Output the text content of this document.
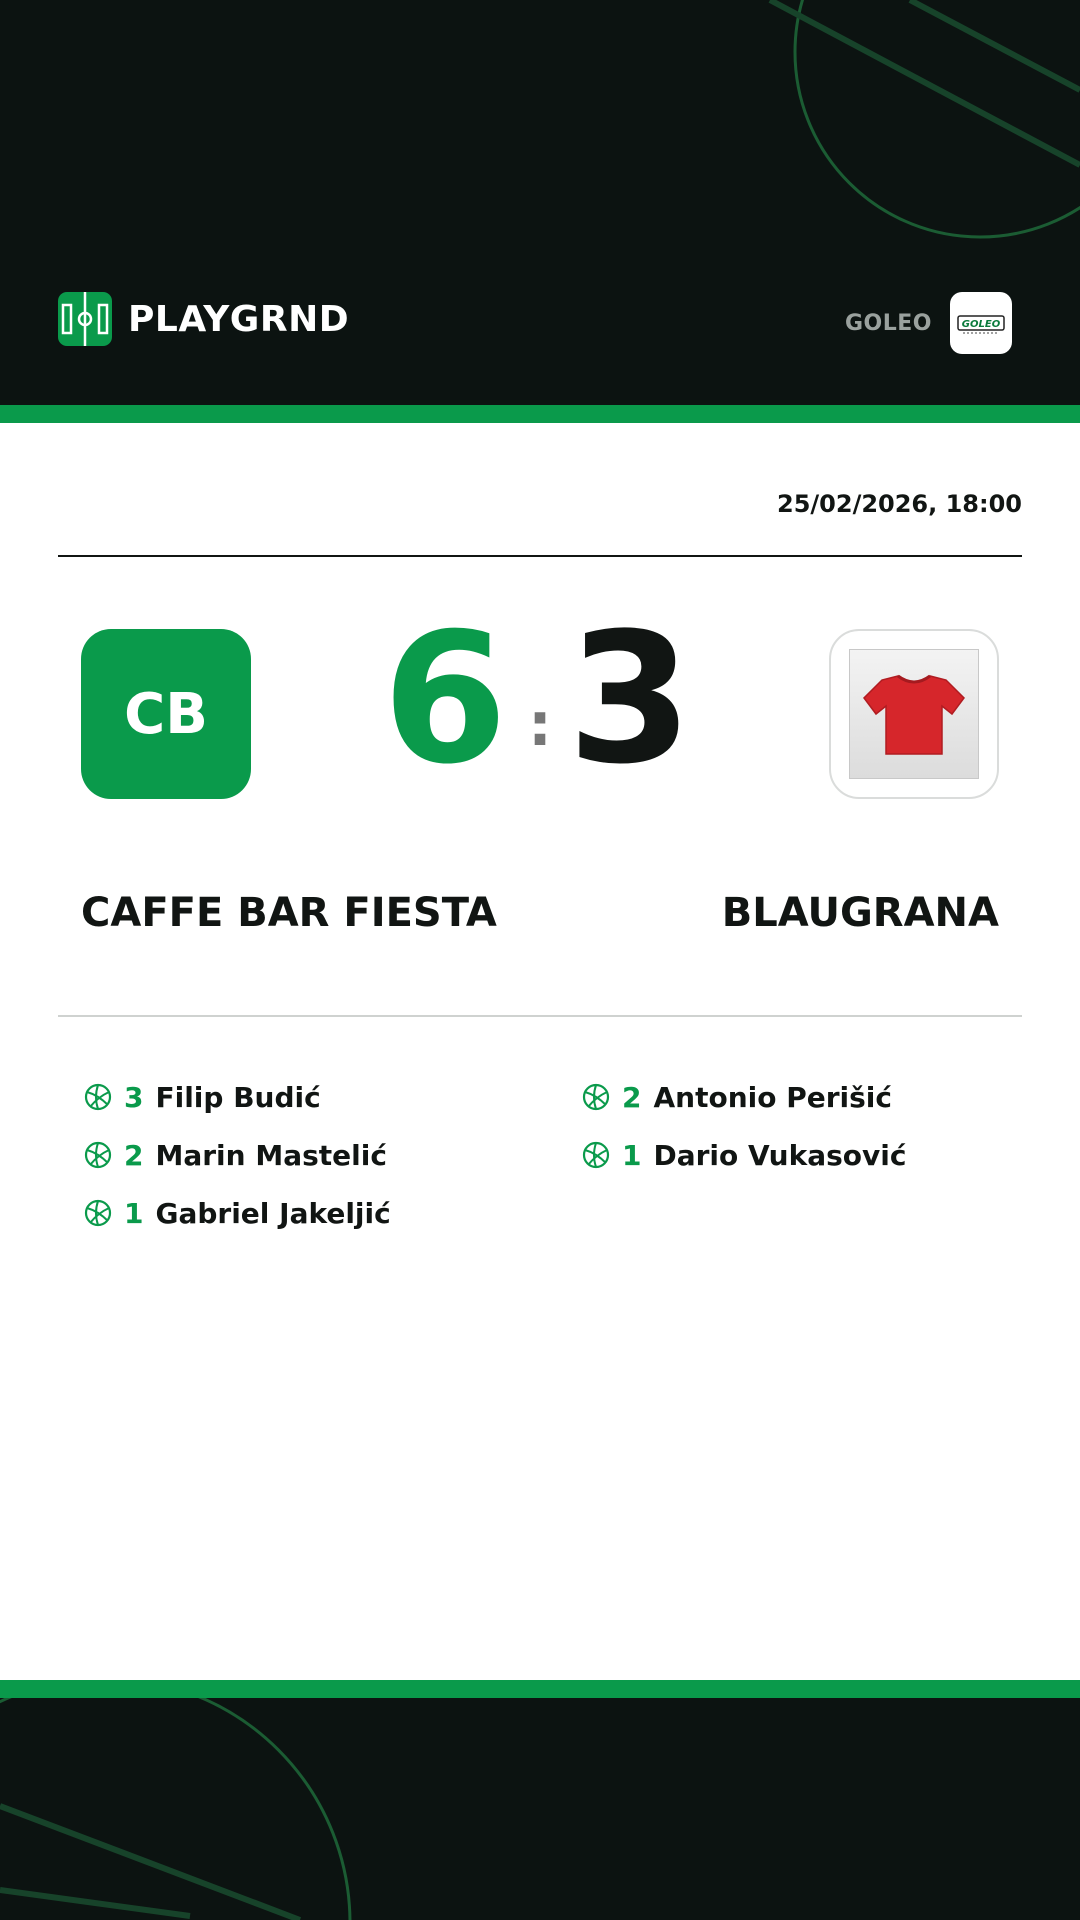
PLAYGRND	GOLEO	GOLEO
25/02/2026, 18:00
CB 6 : 3
CAFFE BAR FIESTA	BLAUGRANA
3 Filip Budić
2 Marin Mastelić
1 Gabriel Jakeljić
2 Antonio Perišić
1 Dario Vukasović
